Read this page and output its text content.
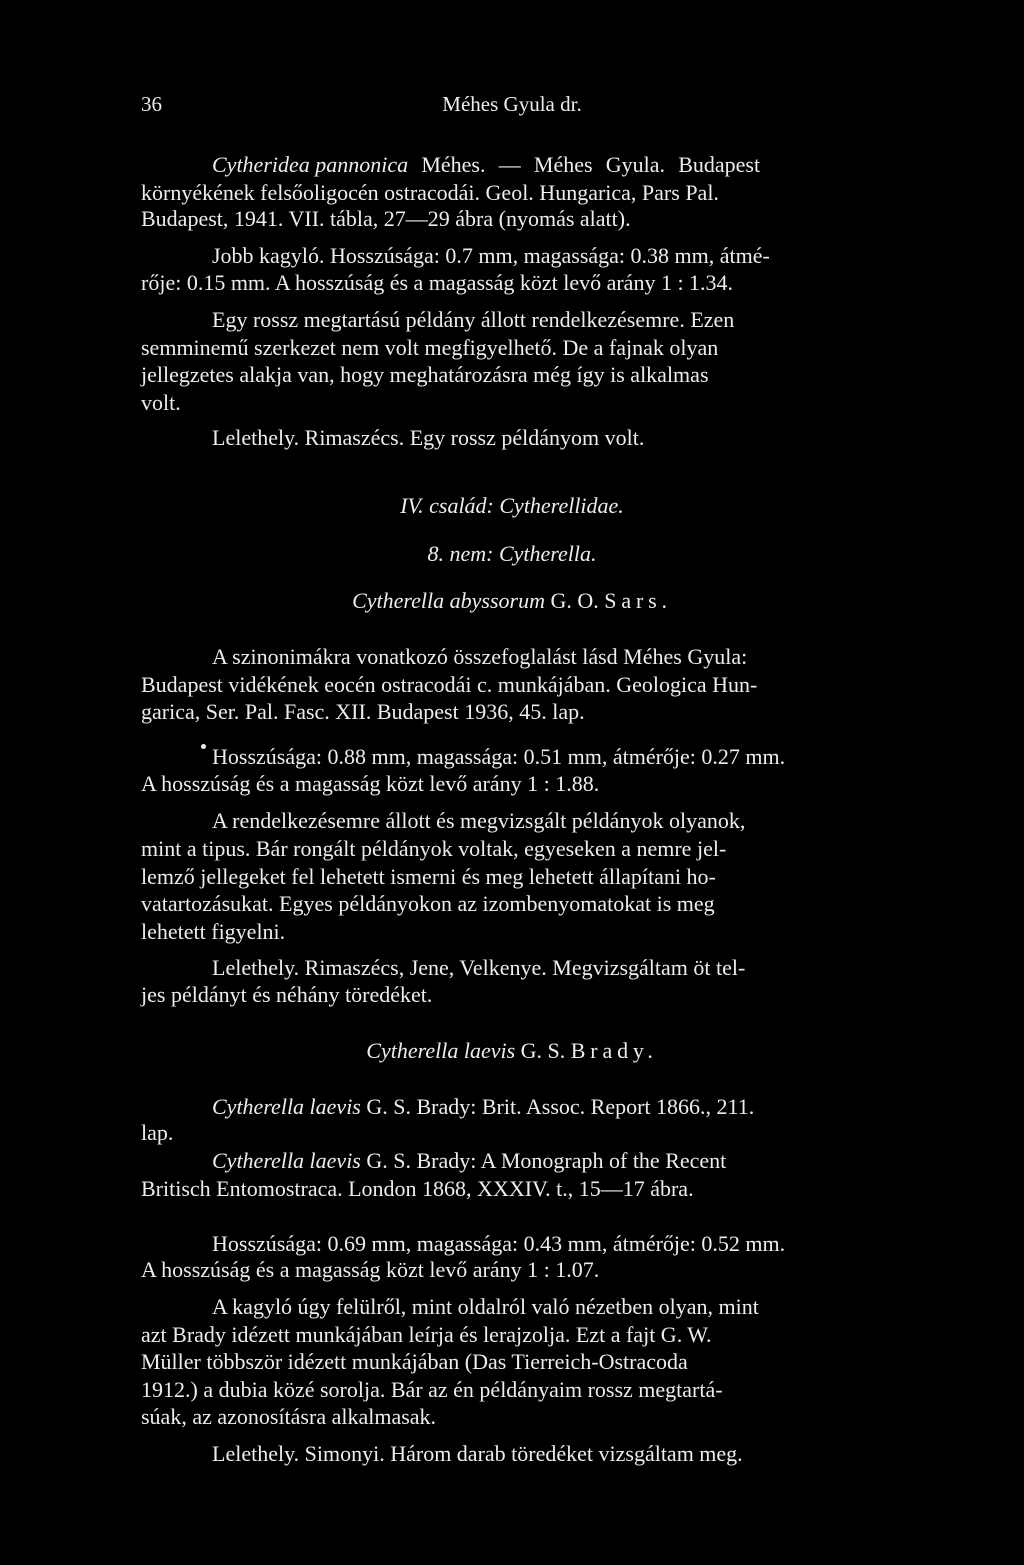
36	Méhes Gyula dr.
Cytheridea pannonica Méhes. — Méhes Gyula. Budapest
környékének felsőoligocén ostracodái. Geol. Hungarica, Pars Pal.
Budapest, 1941. VII. tábla, 27—29 ábra (nyomás alatt).
Jobb kagyló. Hosszúsága: 0.7 mm, magassága: 0.38 mm, átmé-
rője: 0.15 mm. A hosszúság és a magasság közt levő arány 1 : 1.34.
Egy rossz megtartású példány állott rendelkezésemre. Ezen
semminemű szerkezet nem volt megfigyelhető. De a fajnak olyan
jellegzetes alakja van, hogy meghatározásra még így is alkalmas
volt.
Lelethely. Rimaszécs. Egy rossz példányom volt.
IV. család: Cytherellidae.
8. nem: Cytherella.
Cytherella abyssorum G. O. Sars.
A szinonimákra vonatkozó összefoglalást lásd Méhes Gyula:
Budapest vidékének eocén ostracodái c. munkájában. Geologica Hun-
garica, Ser. Pal. Fasc. XII. Budapest 1936, 45. lap.
Hosszúsága: 0.88 mm, magassága: 0.51 mm, átmérője: 0.27 mm.
A hosszúság és a magasság közt levő arány 1 : 1.88.
A rendelkezésemre állott és megvizsgált példányok olyanok,
mint a tipus. Bár rongált példányok voltak, egyeseken a nemre jel-
lemző jellegeket fel lehetett ismerni és meg lehetett állapítani ho-
vatartozásukat. Egyes példányokon az izombenyomatokat is meg
lehetett figyelni.
Lelethely. Rimaszécs, Jene, Velkenye. Megvizsgáltam öt tel-
jes példányt és néhány töredéket.
Cytherella laevis G. S. Brady.
Cytherella laevis G. S. Brady: Brit. Assoc. Report 1866., 211.
lap.
Cytherella laevis G. S. Brady: A Monograph of the Recent
Britisch Entomostraca. London 1868, XXXIV. t., 15—17 ábra.
Hosszúsága: 0.69 mm, magassága: 0.43 mm, átmérője: 0.52 mm.
A hosszúság és a magasság közt levő arány 1 : 1.07.
A kagyló úgy felülről, mint oldalról való nézetben olyan, mint
azt Brady idézett munkájában leírja és lerajzolja. Ezt a fajt G. W.
Müller többször idézett munkájában (Das Tierreich-Ostracoda
1912.) a dubia közé sorolja. Bár az én példányaim rossz megtartá-
súak, az azonosításra alkalmasak.
Lelethely. Simonyi. Három darab töredéket vizsgáltam meg.
